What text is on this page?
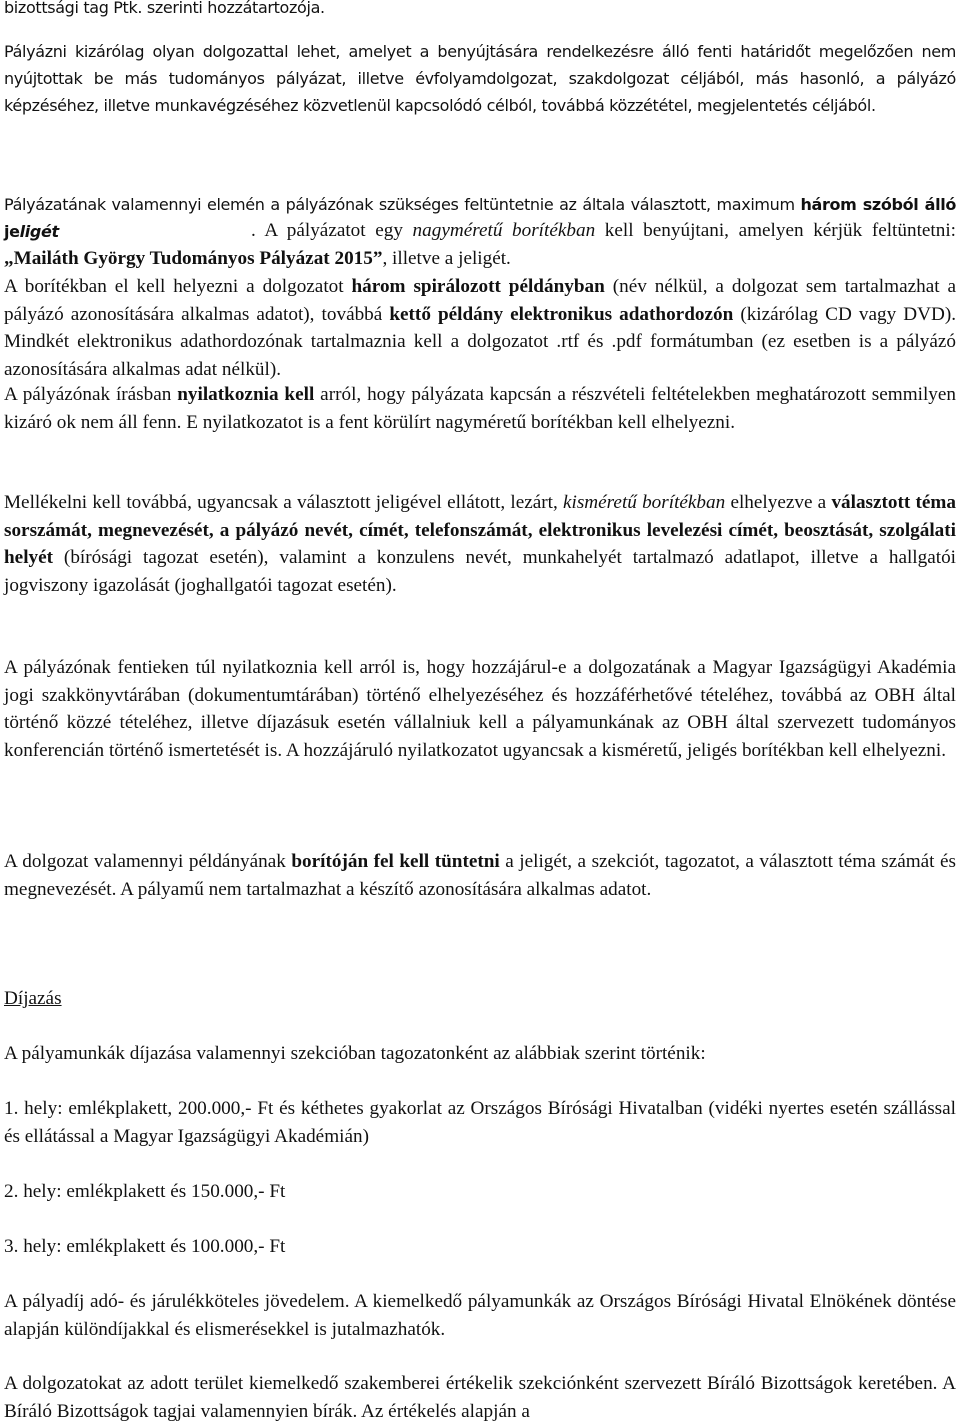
bizottsági tag Ptk. szerinti hozzátartozója.

Pályázni kizárólag olyan dolgozattal lehet, amelyet a benyújtására rendelkezésre álló fenti határidőt megelőzően nem nyújtottak be más tudományos pályázat, illetve évfolyamdolgozat, szakdolgozat céljából, más hasonló, a pályázó képzéséhez, illetve munkavégzéséhez közvetlenül kapcsolódó célból, továbbá közzététel, megjelentetés céljából.

Pályázatának valamennyi elemén a pályázónak szükséges feltüntetnie az általa választott, maximum három szóból álló jeligét	. A pályázatot egy nagyméretű borítékban kell benyújtani, amelyen kérjük feltüntetni: „Mailáth György Tudományos Pályázat 2015”, illetve a jeligét.

A borítékban el kell helyezni a dolgozatot három spirálozott példányban (név nélkül, a dolgozat sem tartalmazhat a pályázó azonosítására alkalmas adatot), továbbá kettő példány elektronikus adathordozón (kizárólag CD vagy DVD). Mindkét elektronikus adathordozónak tartalmaznia kell a dolgozatot .rtf és .pdf formátumban (ez esetben is a pályázó azonosítására alkalmas adat nélkül).

A pályázónak írásban nyilatkoznia kell arról, hogy pályázata kapcsán a részvételi feltételekben meghatározott semmilyen kizáró ok nem áll fenn. E nyilatkozatot is a fent körülírt nagyméretű borítékban kell elhelyezni.

Mellékelni kell továbbá, ugyancsak a választott jeligével ellátott, lezárt, kisméretű borítékban elhelyezve a választott téma sorszámát, megnevezését, a pályázó nevét, címét, telefonszámát, elektronikus levelezési címét, beosztását, szolgálati helyét (bírósági tagozat esetén), valamint a konzulens nevét, munkahelyét tartalmazó adatlapot, illetve a hallgatói jogviszony igazolását (joghallgatói tagozat esetén).

A pályázónak fentieken túl nyilatkoznia kell arról is, hogy hozzájárul-e a dolgozatának a Magyar Igazságügyi Akadémia jogi szakkönyvtárában (dokumentumtárában) történő elhelyezéséhez és hozzáférhetővé tételéhez, továbbá az OBH által történő közzé tételéhez, illetve díjazásuk esetén vállalniuk kell a pályamunkának az OBH által szervezett tudományos konferencián történő ismertetését is. A hozzájáruló nyilatkozatot ugyancsak a kisméretű, jeligés borítékban kell elhelyezni.

A dolgozat valamennyi példányának borítóján fel kell tüntetni a jeligét, a szekciót, tagozatot, a választott téma számát és megnevezését. A pályamű nem tartalmazhat a készítő azonosítására alkalmas adatot.

Díjazás

A pályamunkák díjazása valamennyi szekcióban tagozatonként az alábbiak szerint történik:

1. hely: emlékplakett, 200.000,- Ft és kéthetes gyakorlat az Országos Bírósági Hivatalban (vidéki nyertes esetén szállással és ellátással a Magyar Igazságügyi Akadémián)

2. hely: emlékplakett és 150.000,- Ft

3. hely: emlékplakett és 100.000,- Ft

A pályadíj adó- és járulékköteles jövedelem. A kiemelkedő pályamunkák az Országos Bírósági Hivatal Elnökének döntése alapján különdíjakkal és elismerésekkel is jutalmazhatók.

A dolgozatokat az adott terület kiemelkedő szakemberei értékelik szekciónként szervezett Bíráló Bizottságok keretében. A Bíráló Bizottságok tagjai valamennyien bírák. Az értékelés alapján a
